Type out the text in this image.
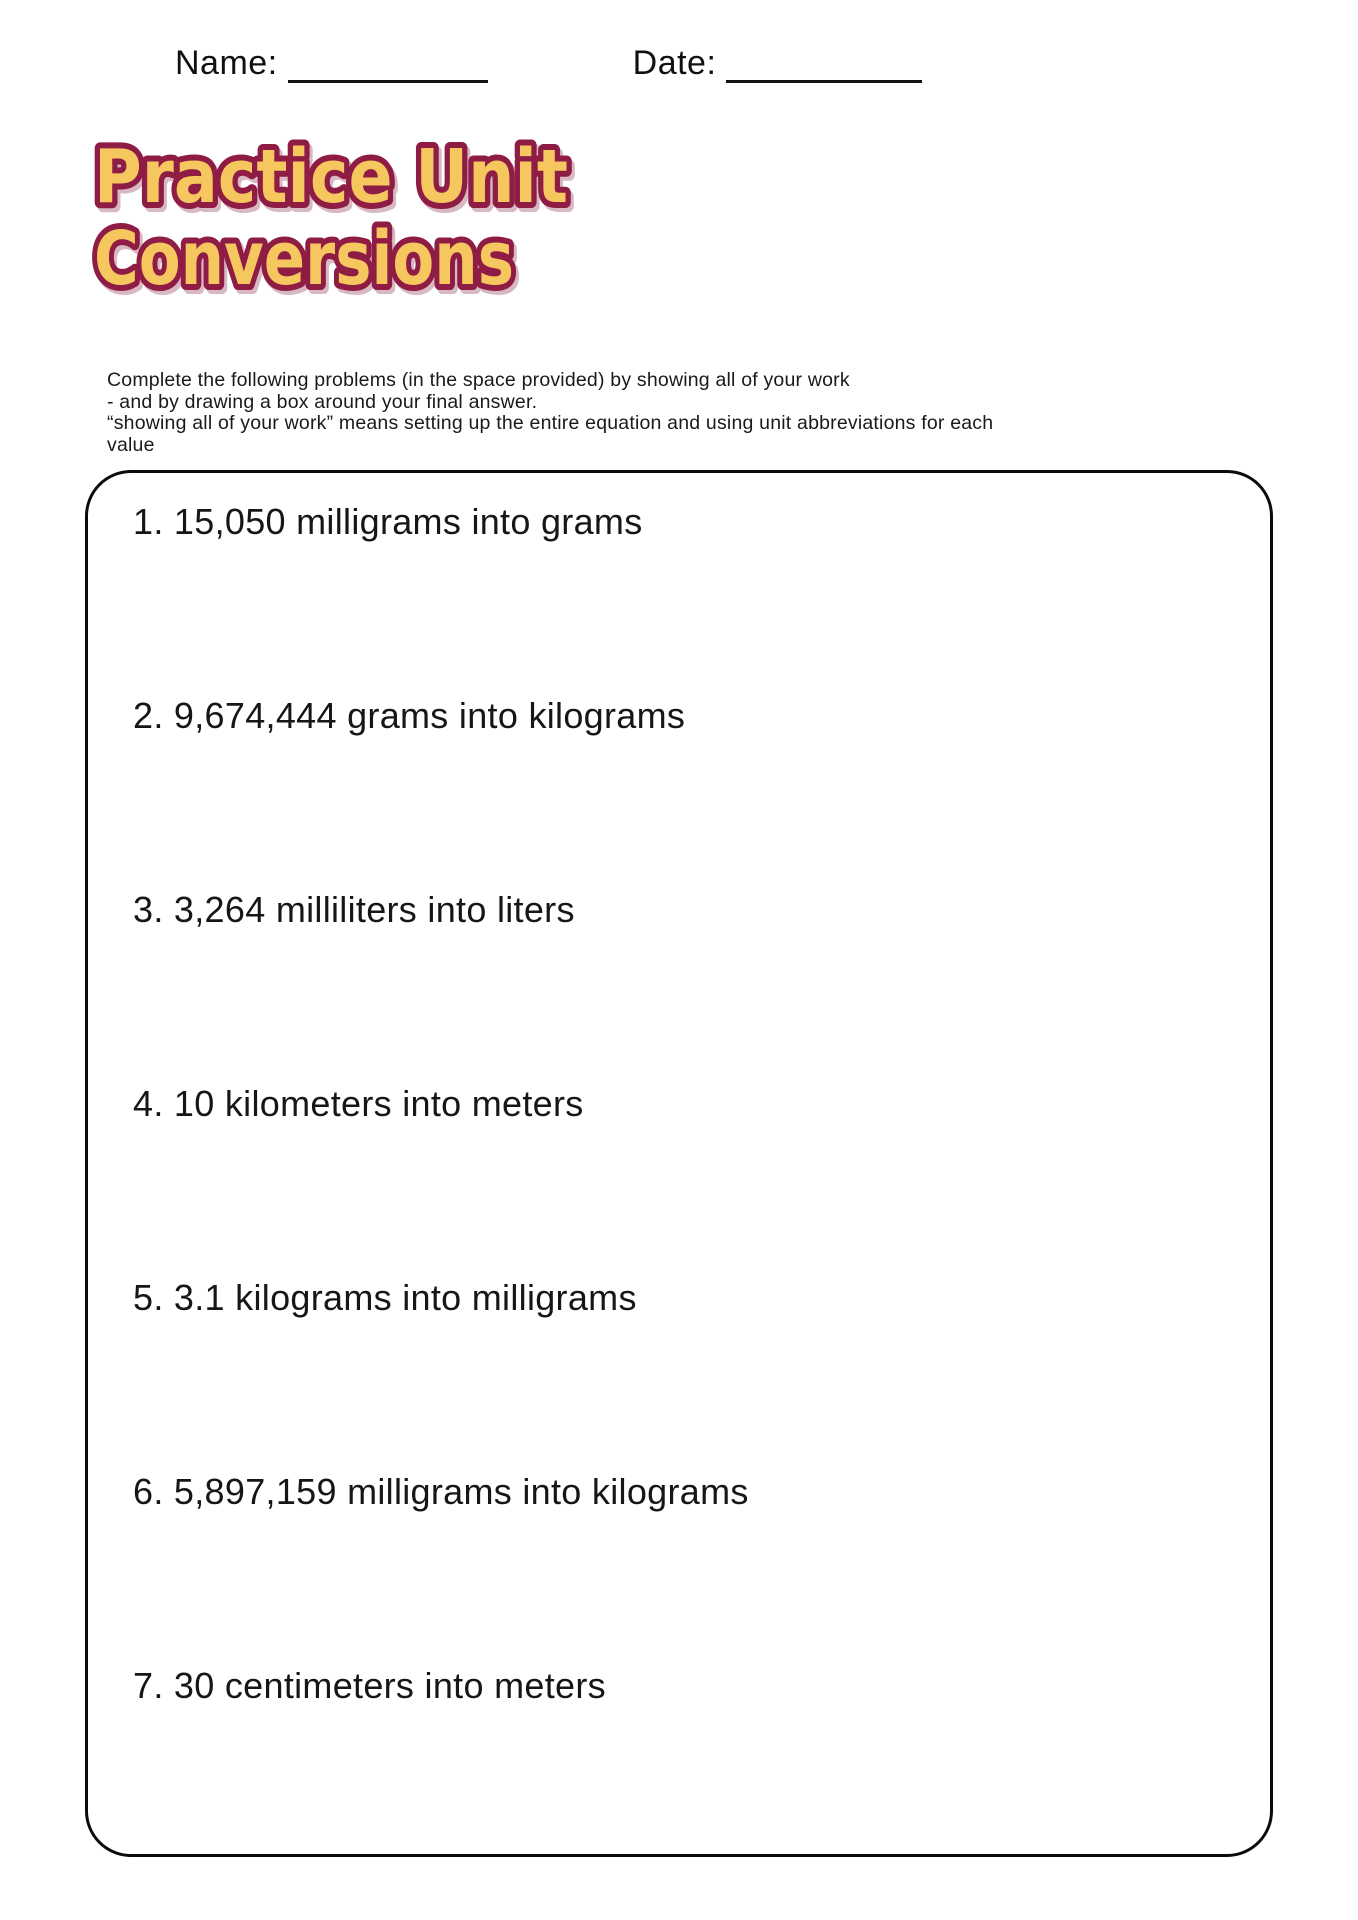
Name:	Date:
Practice Unit
Conversions
Complete the following problems (in the space provided) by showing all of your work
- and by drawing a box around your final answer.
“showing all of your work” means setting up the entire equation and using unit abbreviations for each
value
1. 15,050 milligrams into grams
2. 9,674,444 grams into kilograms
3. 3,264 milliliters into liters
4. 10 kilometers into meters
5. 3.1 kilograms into milligrams
6. 5,897,159 milligrams into kilograms
7. 30 centimeters into meters
